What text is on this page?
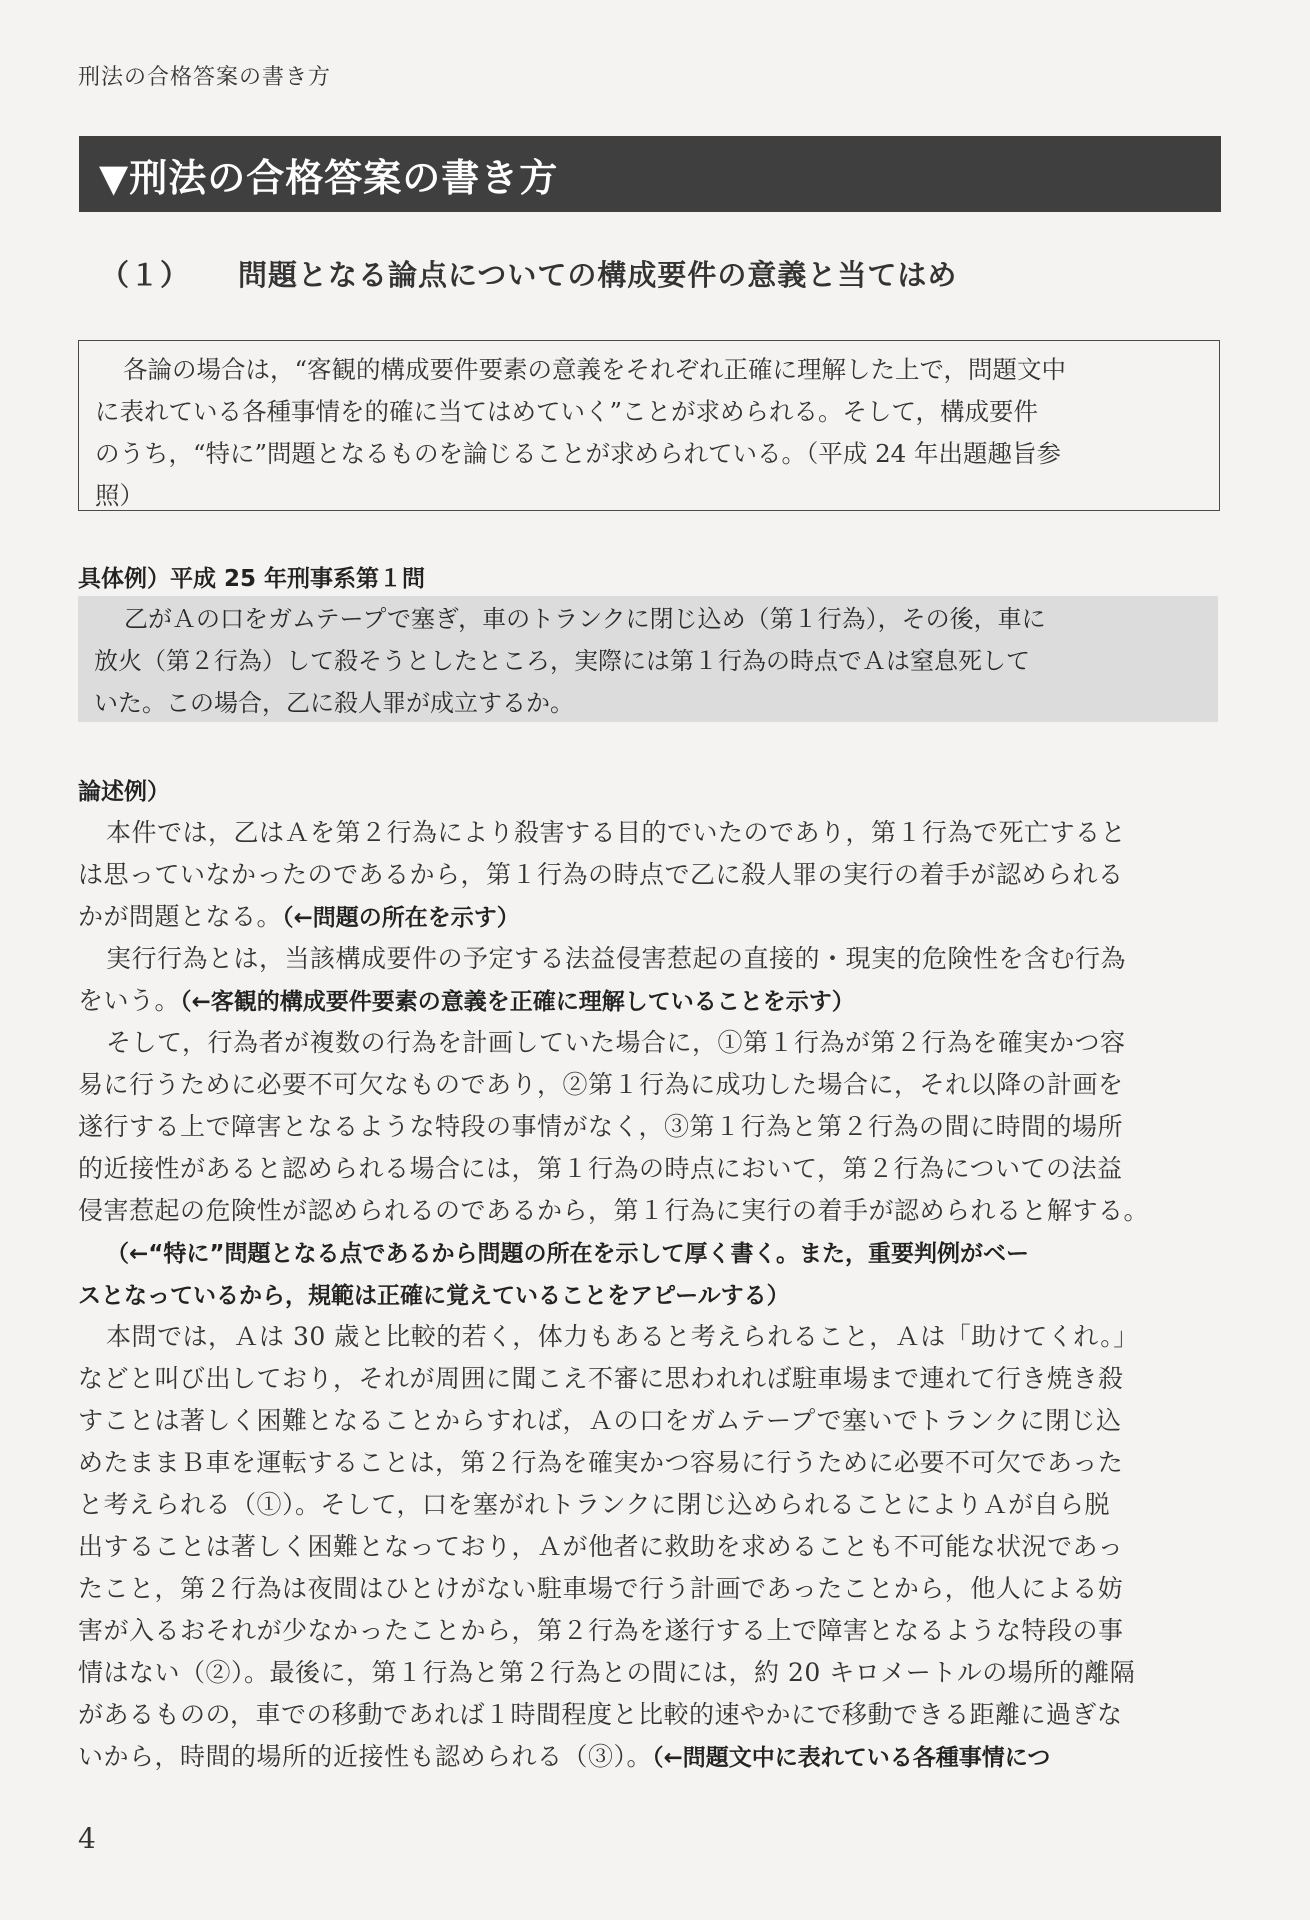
刑法の合格答案の書き方
▼刑法の合格答案の書き方
（１） 問題となる論点についての構成要件の意義と当てはめ
各論の場合は，“客観的構成要件要素の意義をそれぞれ正確に理解した上で，問題文中
に表れている各種事情を的確に当てはめていく”ことが求められる。そして，構成要件
のうち，“特に”問題となるものを論じることが求められている。（平成 24 年出題趣旨参
照）
具体例）平成 25 年刑事系第１問
乙がＡの口をガムテープで塞ぎ，車のトランクに閉じ込め（第１行為），その後，車に
放火（第２行為）して殺そうとしたところ，実際には第１行為の時点でＡは窒息死して
いた。この場合，乙に殺人罪が成立するか。
論述例）
本件では，乙はＡを第２行為により殺害する目的でいたのであり，第１行為で死亡すると
は思っていなかったのであるから，第１行為の時点で乙に殺人罪の実行の着手が認められる
かが問題となる。（←問題の所在を示す）
実行行為とは，当該構成要件の予定する法益侵害惹起の直接的・現実的危険性を含む行為
をいう。（←客観的構成要件要素の意義を正確に理解していることを示す）
そして，行為者が複数の行為を計画していた場合に，①第１行為が第２行為を確実かつ容
易に行うために必要不可欠なものであり，②第１行為に成功した場合に，それ以降の計画を
遂行する上で障害となるような特段の事情がなく，③第１行為と第２行為の間に時間的場所
的近接性があると認められる場合には，第１行為の時点において，第２行為についての法益
侵害惹起の危険性が認められるのであるから，第１行為に実行の着手が認められると解する。
（←“特に”問題となる点であるから問題の所在を示して厚く書く。また，重要判例がベー
スとなっているから，規範は正確に覚えていることをアピールする）
本問では，Ａは 30 歳と比較的若く，体力もあると考えられること，Ａは「助けてくれ。」
などと叫び出しており，それが周囲に聞こえ不審に思われれば駐車場まで連れて行き焼き殺
すことは著しく困難となることからすれば，Ａの口をガムテープで塞いでトランクに閉じ込
めたままＢ車を運転することは，第２行為を確実かつ容易に行うために必要不可欠であった
と考えられる（①）。そして，口を塞がれトランクに閉じ込められることによりＡが自ら脱
出することは著しく困難となっており，Ａが他者に救助を求めることも不可能な状況であっ
たこと，第２行為は夜間はひとけがない駐車場で行う計画であったことから，他人による妨
害が入るおそれが少なかったことから，第２行為を遂行する上で障害となるような特段の事
情はない（②）。最後に，第１行為と第２行為との間には，約 20 キロメートルの場所的離隔
があるものの，車での移動であれば１時間程度と比較的速やかにで移動できる距離に過ぎな
いから，時間的場所的近接性も認められる（③）。（←問題文中に表れている各種事情につ
4
